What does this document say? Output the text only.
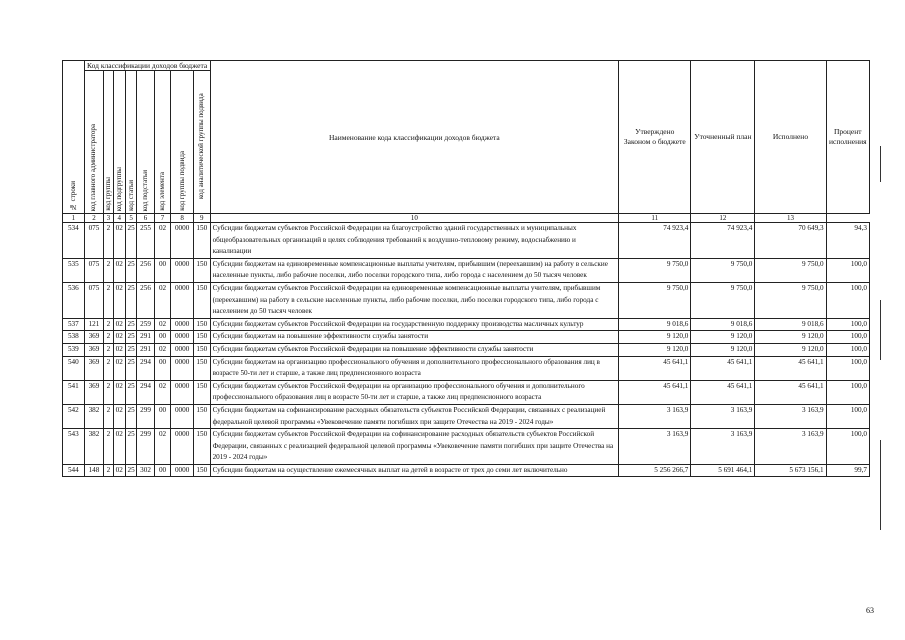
№ строки	Код классификации доходов бюджета								Наименование кода классификации доходов бюджета	Утверждено Законом о бюджете	Уточненный план	Исполнено	Процент исполнения

	код главного администратора	код группы	код подгруппы	код статьи	код подстатьи	код элемента	код группы подвида	код аналитической группы подвида					

1	2	3	4	5	6	7	8	9	10	11	12	13	
534	075	2	02	25	255	02	0000	150	Субсидии бюджетам субъектов Российской Федерации на благоустройство зданий государственных и муниципальных общеобразовательных организаций в целях соблюдения требований к воздушно-тепловому режиму, водоснабжению и канализации	74 923,4	74 923,4	70 649,3	94,3
535	075	2	02	25	256	00	0000	150	Субсидии бюджетам на единовременные компенсационные выплаты учителям, прибывшим (переехавшим) на работу в сельские населенные пункты, либо рабочие поселки, либо поселки городского типа, либо города с населением до 50 тысяч человек	9 750,0	9 750,0	9 750,0	100,0
536	075	2	02	25	256	02	0000	150	Субсидии бюджетам субъектов Российской Федерации на единовременные компенсационные выплаты учителям, прибывшим (переехавшим) на работу в сельские населенные пункты, либо рабочие поселки, либо поселки городского типа, либо города с населением до 50 тысяч человек	9 750,0	9 750,0	9 750,0	100,0
537	121	2	02	25	259	02	0000	150	Субсидии бюджетам субъектов Российской Федерации на государственную поддержку производства масличных культур	9 018,6	9 018,6	9 018,6	100,0
538	369	2	02	25	291	00	0000	150	Субсидии бюджетам на повышение эффективности службы занятости	9 120,0	9 120,0	9 120,0	100,0
539	369	2	02	25	291	02	0000	150	Субсидии бюджетам субъектов Российской Федерации на повышение эффективности службы занятости	9 120,0	9 120,0	9 120,0	100,0
540	369	2	02	25	294	00	0000	150	Субсидии бюджетам на организацию профессионального обучения и дополнительного профессионального образования лиц в возрасте 50-ти лет и старше, а также лиц предпенсионного возраста	45 641,1	45 641,1	45 641,1	100,0
541	369	2	02	25	294	02	0000	150	Субсидии бюджетам субъектов Российской Федерации на организацию профессионального обучения и дополнительного профессионального образования лиц в возрасте 50-ти лет и старше, а также лиц предпенсионного возраста	45 641,1	45 641,1	45 641,1	100,0
542	382	2	02	25	299	00	0000	150	Субсидии бюджетам на софинансирование расходных обязательств субъектов Российской Федерации, связанных с реализацией федеральной целевой программы «Увековечение памяти погибших при защите Отечества на 2019 - 2024 годы»	3 163,9	3 163,9	3 163,9	100,0
543	382	2	02	25	299	02	0000	150	Субсидии бюджетам субъектов Российской Федерации на софинансирование расходных обязательств субъектов Российской Федерации, связанных с реализацией федеральной целевой программы «Увековечение памяти погибших при защите Отечества на 2019 - 2024 годы»	3 163,9	3 163,9	3 163,9	100,0
544	148	2	02	25	302	00	0000	150	Субсидии бюджетам на осуществление ежемесячных выплат на детей в возрасте от трех до семи лет включительно	5 256 266,7	5 691 464,1	5 673 156,1	99,7
63
